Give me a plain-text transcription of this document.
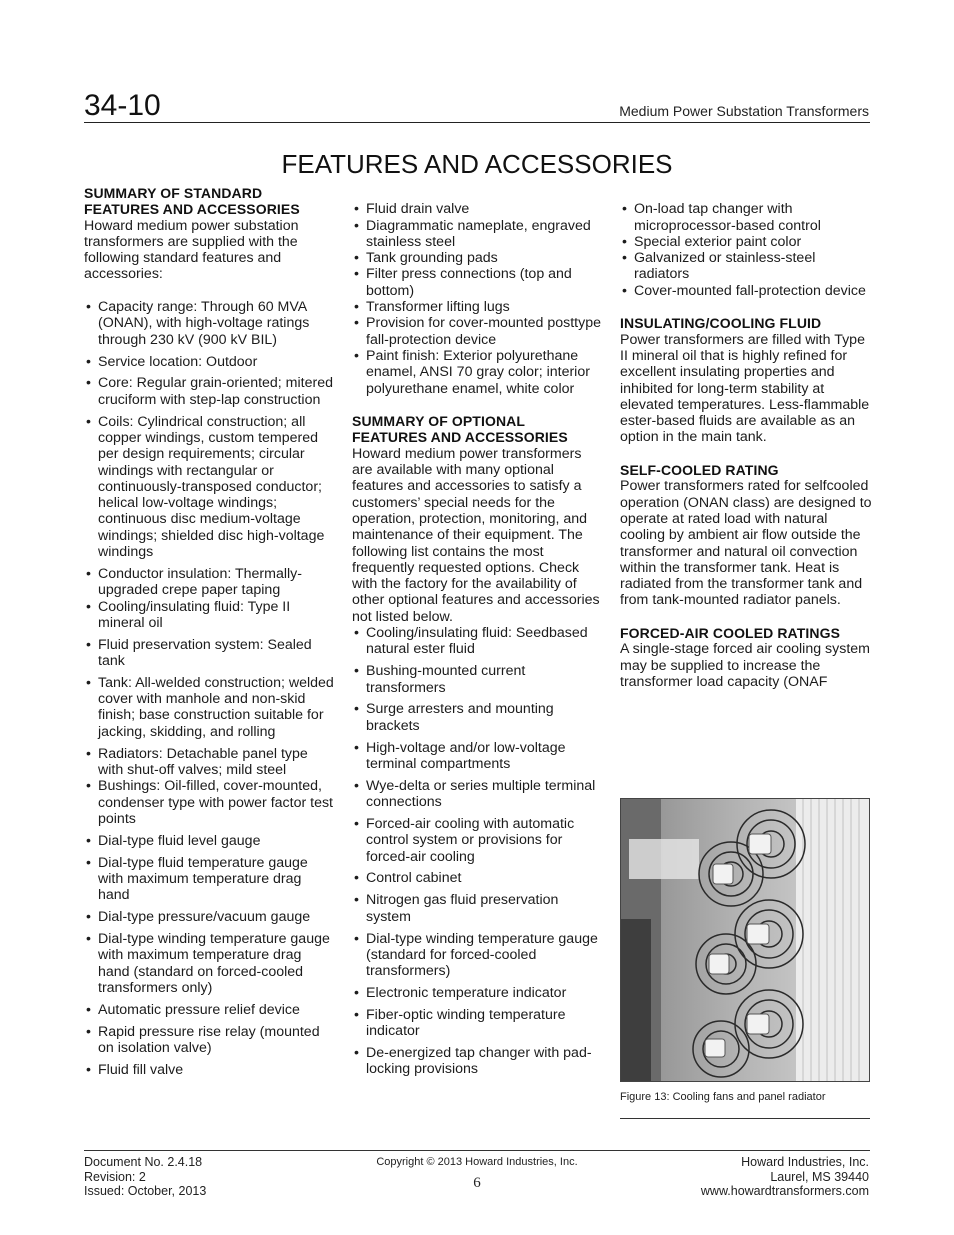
34-10	Medium Power Substation Transformers
FEATURES AND ACCESSORIES
SUMMARY OF STANDARD
FEATURES AND ACCESSORIES

Howard medium power substation transformers are supplied with the following standard features and accessories:

• Capacity range: Through 60 MVA (ONAN), with high-voltage ratings through 230 kV (900 kV BIL)
• Service location: Outdoor
• Core: Regular grain-oriented; mitered cruciform with step-lap construction
• Coils: Cylindrical construction; all copper windings, custom tempered per design requirements; circular windings with rectangular or continuously-transposed conductor; helical low-voltage windings; continuous disc medium-voltage windings; shielded disc high-voltage windings
• Conductor insulation: Thermally-upgraded crepe paper taping
• Cooling/insulating fluid: Type II mineral oil
• Fluid preservation system: Sealed tank
• Tank: All-welded construction; welded cover with manhole and non-skid finish; base construction suitable for jacking, skidding, and rolling
• Radiators: Detachable panel type with shut-off valves; mild steel
• Bushings: Oil-filled, cover-mounted, condenser type with power factor test points
• Dial-type fluid level gauge
• Dial-type fluid temperature gauge with maximum temperature drag hand
• Dial-type pressure/vacuum gauge
• Dial-type winding temperature gauge with maximum temperature drag hand (standard on forced-cooled transformers only)
• Automatic pressure relief device
• Rapid pressure rise relay (mounted on isolation valve)
• Fluid fill valve
• Fluid drain valve
• Diagrammatic nameplate, engraved stainless steel
• Tank grounding pads
• Filter press connections (top and bottom)
• Transformer lifting lugs
• Provision for cover-mounted posttype fall-protection device
• Paint finish: Exterior polyurethane enamel, ANSI 70 gray color; interior polyurethane enamel, white color
SUMMARY OF OPTIONAL
FEATURES AND ACCESSORIES

Howard medium power transformers are available with many optional features and accessories to satisfy a customers’ special needs for the operation, protection, monitoring, and maintenance of their equipment. The following list contains the most frequently requested options. Check with the factory for the availability of other optional features and accessories not listed below.

• Cooling/insulating fluid: Seedbased natural ester fluid
• Bushing-mounted current transformers
• Surge arresters and mounting brackets
• High-voltage and/or low-voltage terminal compartments
• Wye-delta or series multiple terminal connections
• Forced-air cooling with automatic control system or provisions for forced-air cooling
• Control cabinet
• Nitrogen gas fluid preservation system
• Dial-type winding temperature gauge (standard for forced-cooled transformers)
• Electronic temperature indicator
• Fiber-optic winding temperature indicator
• De-energized tap changer with pad-locking provisions
• On-load tap changer with microprocessor-based control
• Special exterior paint color
• Galvanized or stainless-steel radiators
• Cover-mounted fall-protection device
INSULATING/COOLING FLUID

Power transformers are filled with Type II mineral oil that is highly refined for excellent insulating properties and inhibited for long-term stability at elevated temperatures. Less-flammable ester-based fluids are available as an option in the main tank.

SELF-COOLED RATING

Power transformers rated for selfcooled operation (ONAN class) are designed to operate at rated load with natural cooling by ambient air flow outside the transformer and natural oil convection within the transformer tank. Heat is radiated from the transformer tank and from tank-mounted radiator panels.

FORCED-AIR COOLED RATINGS

A single-stage forced air cooling system may be supplied to increase the transformer load capacity (ONAF

Figure 13: Cooling fans and panel radiator
Document No. 2.4.18
Revision: 2
Issued: October, 2013
Copyright © 2013 Howard Industries, Inc.
6
Howard Industries, Inc.
Laurel, MS 39440
www.howardtransformers.com
